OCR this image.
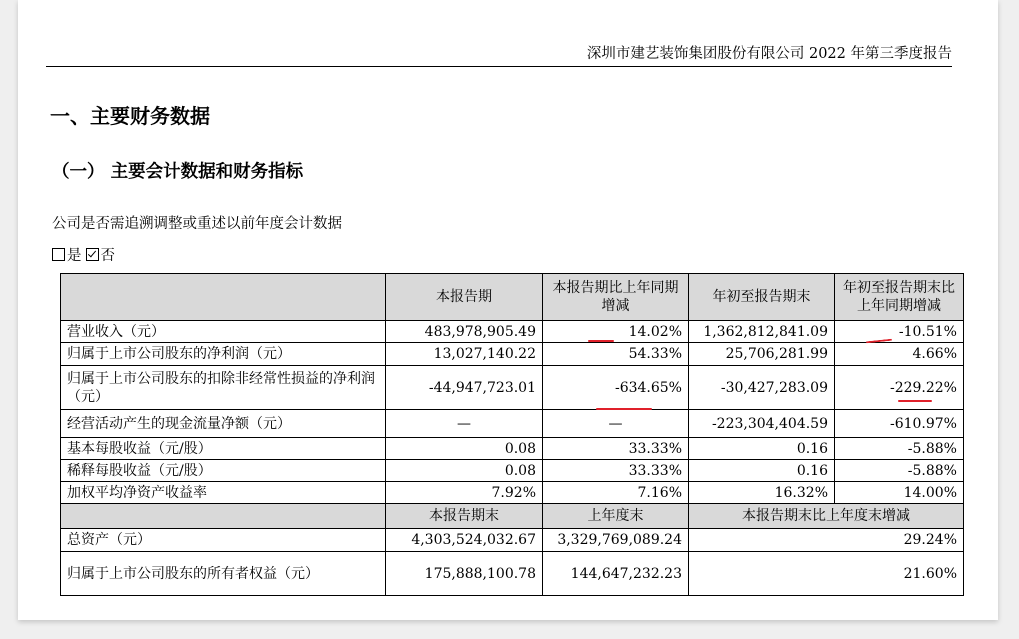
深圳市建艺装饰集团股份有限公司 2022 年第三季度报告
一、主要财务数据
（一） 主要会计数据和财务指标
公司是否需追溯调整或重述以前年度会计数据
是 否
	本报告期	本报告期比上年同期增减	年初至报告期末	年初至报告期末比上年同期增减
营业收入（元）	483,978,905.49	14.02%	1,362,812,841.09	-10.51%
归属于上市公司股东的净利润（元）	13,027,140.22	54.33%	25,706,281.99	4.66%
归属于上市公司股东的扣除非经常性损益的净利润（元）	-44,947,723.01	-634.65%	-30,427,283.09	-229.22%
经营活动产生的现金流量净额（元）	—	—	-223,304,404.59	-610.97%
基本每股收益（元/股）	0.08	33.33%	0.16	-5.88%
稀释每股收益（元/股）	0.08	33.33%	0.16	-5.88%
加权平均净资产收益率	7.92%	7.16%	16.32%	14.00%
	本报告期末	上年度末	本报告期末比上年度末增减	
总资产（元）	4,303,524,032.67	3,329,769,089.24	29.24%	
归属于上市公司股东的所有者权益（元）	175,888,100.78	144,647,232.23	21.60%	
